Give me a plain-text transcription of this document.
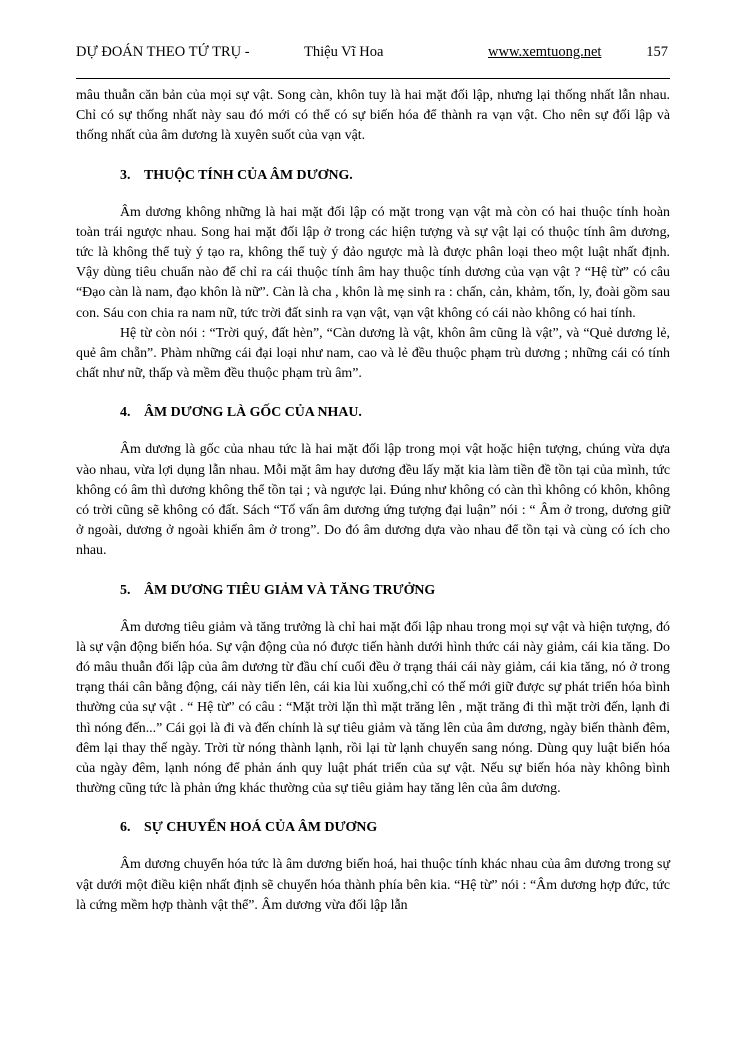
DỰ ĐOÁN THEO TỨ TRỤ -	Thiệu Vĩ Hoa	www.xemtuong.net	157

mâu thuẫn căn bản của mọi sự vật. Song càn, khôn tuy là hai mặt đối lập, nhưng lại thống nhất lẫn nhau. Chỉ có sự thống nhất này sau đó mới có thể có sự biến hóa để thành ra vạn vật. Cho nên sự đối lập và thống nhất của âm dương là xuyên suốt của vạn vật.

3. THUỘC TÍNH CỦA ÂM DƯƠNG.

Âm dương không những là hai mặt đối lập có mặt trong vạn vật mà còn có hai thuộc tính hoàn toàn trái ngược nhau. Song hai mặt đối lập ở trong các hiện tượng và sự vật lại có thuộc tính âm dương, tức là không thể tuỳ ý tạo ra, không thể tuỳ ý đảo ngược mà là được phân loại theo một luật nhất định. Vậy dùng tiêu chuẩn nào để chỉ ra cái thuộc tính âm hay thuộc tính dương của vạn vật ? “Hệ từ” có câu “Đạo càn là nam, đạo khôn là nữ”. Càn là cha , khôn là mẹ sinh ra : chấn, cản, khảm, tốn, ly, đoài gồm sau con. Sáu con chia ra nam nữ, tức trời đất sinh ra vạn vật, vạn vật không có cái nào không có hai tính.

Hệ từ còn nói : “Trời quý, đất hèn”, “Càn dương là vật, khôn âm cũng là vật”, và “Quẻ dương lẻ, quẻ âm chẵn”. Phàm những cái đại loại như nam, cao và lẻ đều thuộc phạm trù dương ; những cái có tính chất như nữ, thấp và mềm đều thuộc phạm trù âm”.

4. ÂM DƯƠNG LÀ GỐC CỦA NHAU.

Âm dương là gốc của nhau tức là hai mặt đối lập trong mọi vật hoặc hiện tượng, chúng vừa dựa vào nhau, vừa lợi dụng lẫn nhau. Mỗi mặt âm hay dương đều lấy mặt kia làm tiền đề tồn tại của mình, tức không có âm thì dương không thể tồn tại ; và ngược lại. Đúng như không có càn thì không có khôn, không có trời cũng sẽ không có đất. Sách “Tố vấn âm dương ứng tượng đại luận” nói : “ Âm ở trong, dương giữ ở ngoài, dương ở ngoài khiến âm ở trong”. Do đó âm dương dựa vào nhau để tồn tại và cùng có ích cho nhau.

5. ÂM DƯƠNG TIÊU GIẢM VÀ TĂNG TRƯỞNG

Âm dương tiêu giảm và tăng trưởng là chỉ hai mặt đối lập nhau trong mọi sự vật và hiện tượng, đó là sự vận động biến hóa. Sự vận động của nó được tiến hành dưới hình thức cái này giảm, cái kia tăng. Do đó mâu thuẫn đối lập của âm dương từ đầu chí cuối đều ở trạng thái cái này giảm, cái kia tăng, nó ở trong trạng thái cân bằng động, cái này tiến lên, cái kia lùi xuống,chỉ có thế mới giữ được sự phát triển hóa bình thường của sự vật . “ Hệ từ” có câu : “Mặt trời lặn thì mặt trăng lên , mặt trăng đi thì mặt trời đến, lạnh đi thì nóng đến...” Cái gọi là đi và đến chính là sự tiêu giảm và tăng lên của âm dương, ngày biến thành đêm, đêm lại thay thế ngày. Trời từ nóng thành lạnh, rồi lại từ lạnh chuyển sang nóng. Dùng quy luật biến hóa của ngày đêm, lạnh nóng để phản ánh quy luật phát triển của sự vật. Nếu sự biến hóa này không bình thường cũng tức là phản ứng khác thường của sự tiêu giảm hay tăng lên của âm dương.

6. SỰ CHUYỂN HOÁ CỦA ÂM DƯƠNG

Âm dương chuyển hóa tức là âm dương biến hoá, hai thuộc tính khác nhau của âm dương trong sự vật dưới một điều kiện nhất định sẽ chuyển hóa thành phía bên kia. “Hệ từ” nói : “Âm dương hợp đức, tức là cứng mềm hợp thành vật thể”. Âm dương vừa đối lập lẫn
